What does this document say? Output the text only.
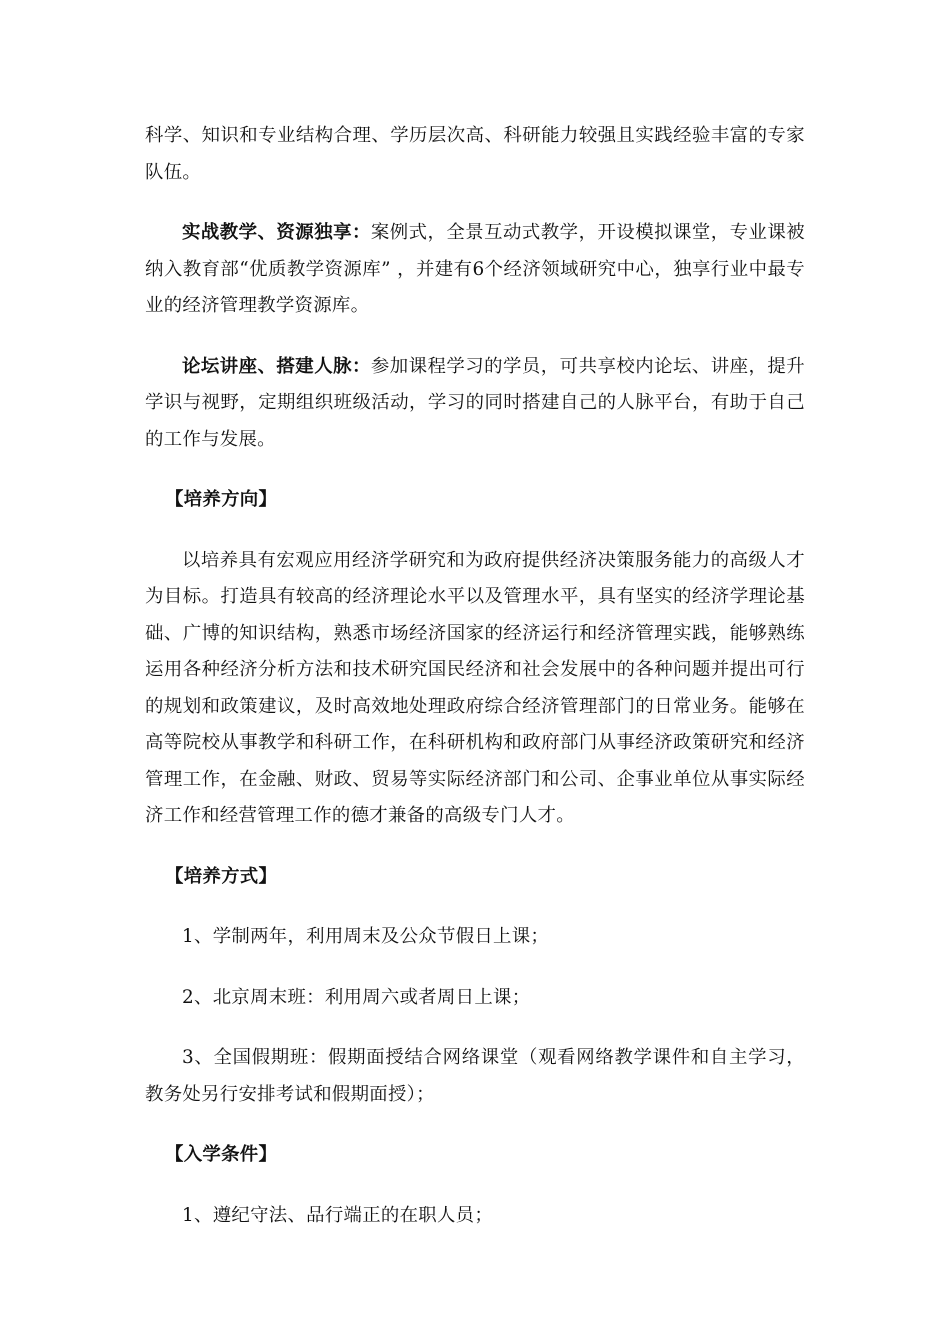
科学、知识和专业结构合理、学历层次高、科研能力较强且实践经验丰富的专家队伍。

实战教学、资源独享：案例式，全景互动式教学，开设模拟课堂，专业课被纳入教育部“优质教学资源库” ，并建有6个经济领域研究中心，独享行业中最专业的经济管理教学资源库。

论坛讲座、搭建人脉：参加课程学习的学员，可共享校内论坛、讲座，提升学识与视野，定期组织班级活动，学习的同时搭建自己的人脉平台，有助于自己的工作与发展。

【培养方向】

以培养具有宏观应用经济学研究和为政府提供经济决策服务能力的高级人才为目标。打造具有较高的经济理论水平以及管理水平，具有坚实的经济学理论基础、广博的知识结构，熟悉市场经济国家的经济运行和经济管理实践，能够熟练运用各种经济分析方法和技术研究国民经济和社会发展中的各种问题并提出可行的规划和政策建议，及时高效地处理政府综合经济管理部门的日常业务。能够在高等院校从事教学和科研工作，在科研机构和政府部门从事经济政策研究和经济管理工作，在金融、财政、贸易等实际经济部门和公司、企事业单位从事实际经济工作和经营管理工作的德才兼备的高级专门人才。

【培养方式】

1、学制两年，利用周末及公众节假日上课；

2、北京周末班：利用周六或者周日上课；

3、全国假期班：假期面授结合网络课堂（观看网络教学课件和自主学习，教务处另行安排考试和假期面授）；

【入学条件】

1、遵纪守法、品行端正的在职人员；
